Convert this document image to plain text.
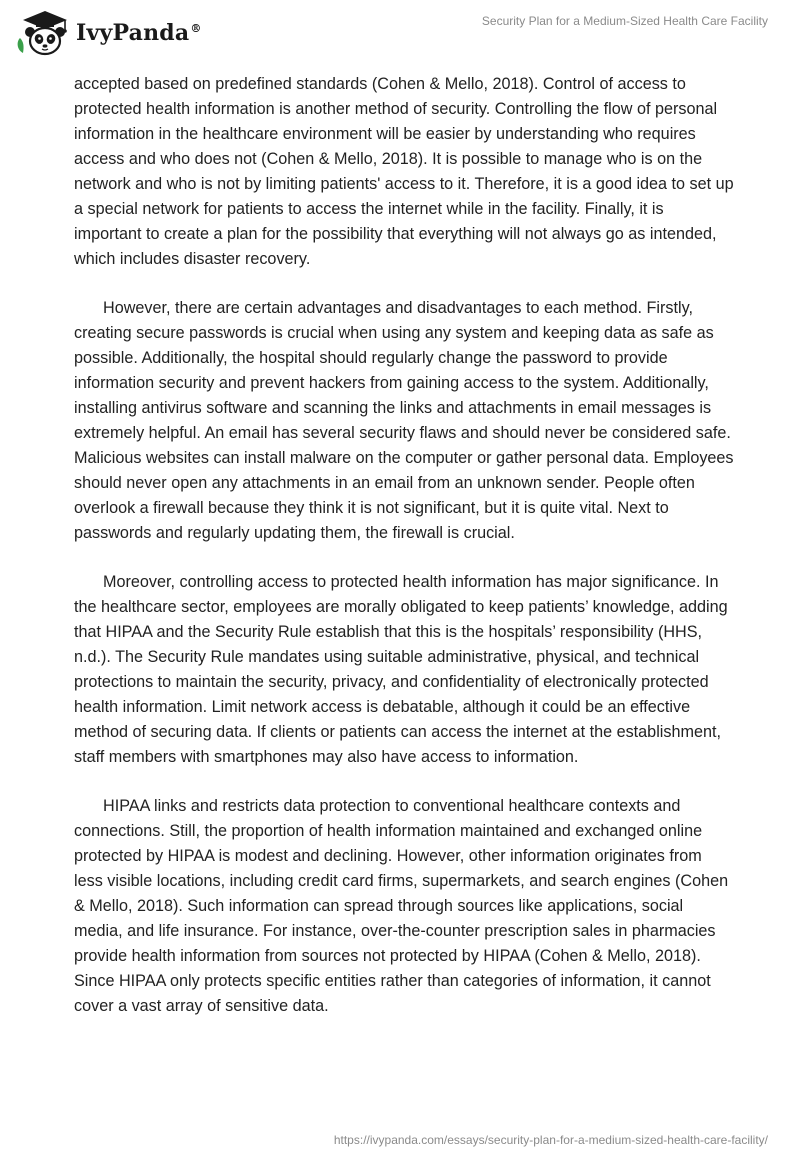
IvyPanda®
Security Plan for a Medium-Sized Health Care Facility

accepted based on predefined standards (Cohen & Mello, 2018). Control of access to protected health information is another method of security. Controlling the flow of personal information in the healthcare environment will be easier by understanding who requires access and who does not (Cohen & Mello, 2018). It is possible to manage who is on the network and who is not by limiting patients' access to it. Therefore, it is a good idea to set up a special network for patients to access the internet while in the facility. Finally, it is important to create a plan for the possibility that everything will not always go as intended, which includes disaster recovery.

However, there are certain advantages and disadvantages to each method. Firstly, creating secure passwords is crucial when using any system and keeping data as safe as possible. Additionally, the hospital should regularly change the password to provide information security and prevent hackers from gaining access to the system. Additionally, installing antivirus software and scanning the links and attachments in email messages is extremely helpful. An email has several security flaws and should never be considered safe. Malicious websites can install malware on the computer or gather personal data. Employees should never open any attachments in an email from an unknown sender. People often overlook a firewall because they think it is not significant, but it is quite vital. Next to passwords and regularly updating them, the firewall is crucial.

Moreover, controlling access to protected health information has major significance. In the healthcare sector, employees are morally obligated to keep patients’ knowledge, adding that HIPAA and the Security Rule establish that this is the hospitals’ responsibility (HHS, n.d.). The Security Rule mandates using suitable administrative, physical, and technical protections to maintain the security, privacy, and confidentiality of electronically protected health information. Limit network access is debatable, although it could be an effective method of securing data. If clients or patients can access the internet at the establishment, staff members with smartphones may also have access to information.

HIPAA links and restricts data protection to conventional healthcare contexts and connections. Still, the proportion of health information maintained and exchanged online protected by HIPAA is modest and declining. However, other information originates from less visible locations, including credit card firms, supermarkets, and search engines (Cohen & Mello, 2018). Such information can spread through sources like applications, social media, and life insurance. For instance, over-the-counter prescription sales in pharmacies provide health information from sources not protected by HIPAA (Cohen & Mello, 2018). Since HIPAA only protects specific entities rather than categories of information, it cannot cover a vast array of sensitive data.

https://ivypanda.com/essays/security-plan-for-a-medium-sized-health-care-facility/
